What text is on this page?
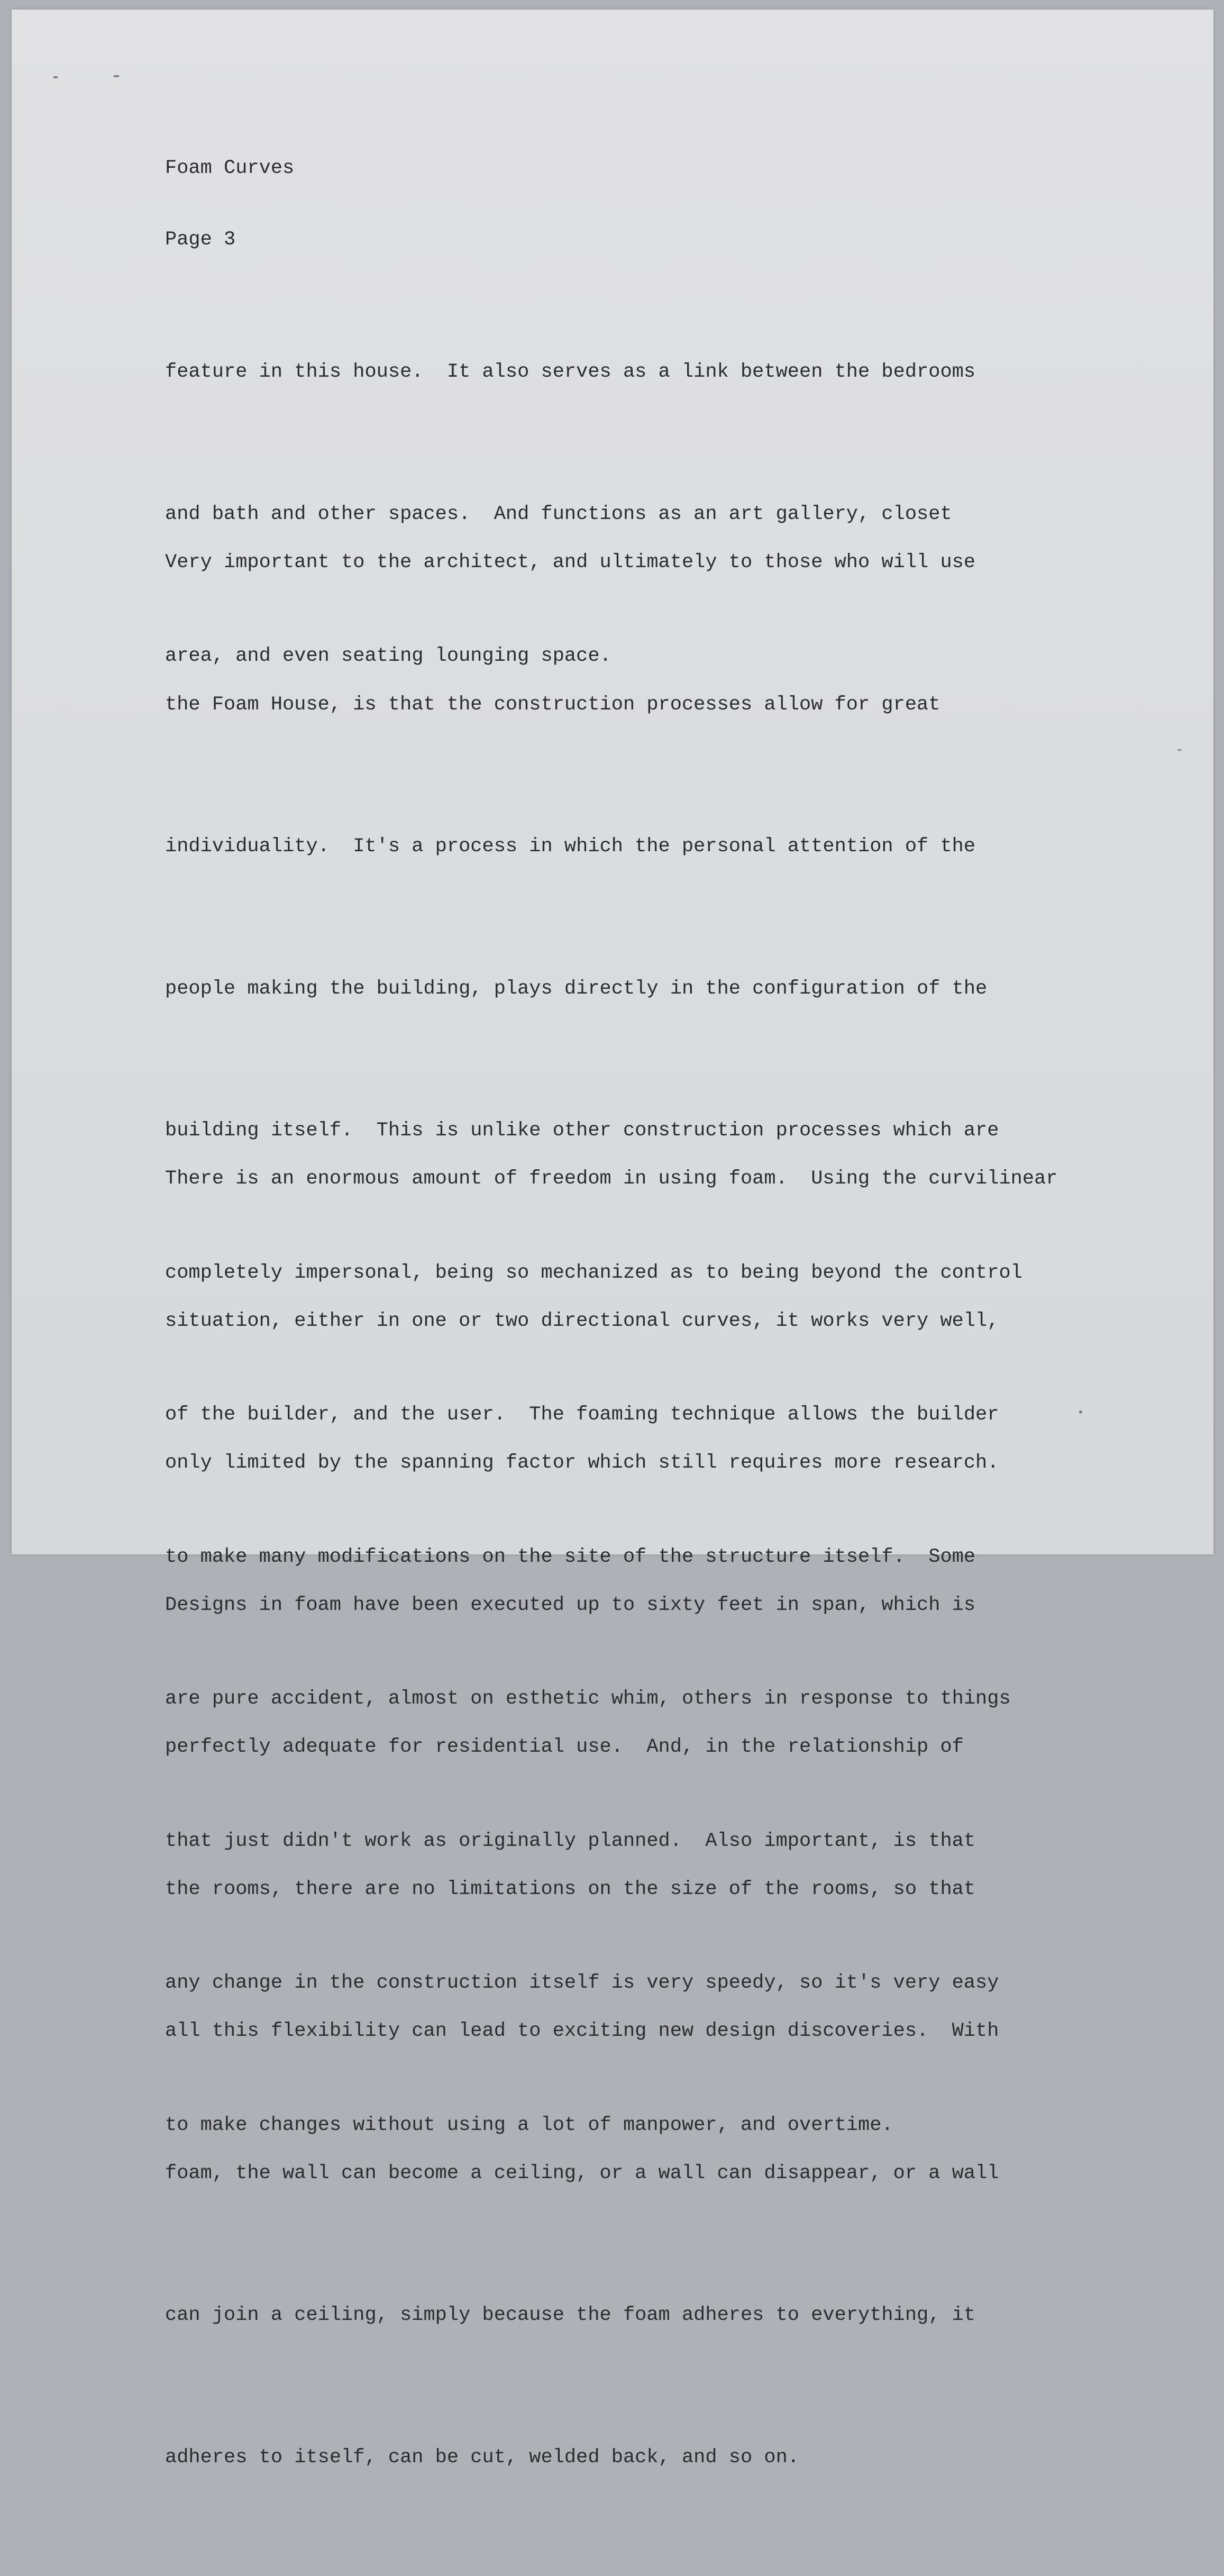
Foam Curves

Page 3

feature in this house.  It also serves as a link between the bedrooms

and bath and other spaces.  And functions as an art gallery, closet

area, and even seating lounging space.

Very important to the architect, and ultimately to those who will use

the Foam House, is that the construction processes allow for great

individuality.  It's a process in which the personal attention of the

people making the building, plays directly in the configuration of the

building itself.  This is unlike other construction processes which are

completely impersonal, being so mechanized as to being beyond the control

of the builder, and the user.  The foaming technique allows the builder

to make many modifications on the site of the structure itself.  Some

are pure accident, almost on esthetic whim, others in response to things

that just didn't work as originally planned.  Also important, is that

any change in the construction itself is very speedy, so it's very easy

to make changes without using a lot of manpower, and overtime.

There is an enormous amount of freedom in using foam.  Using the curvilinear

situation, either in one or two directional curves, it works very well,

only limited by the spanning factor which still requires more research.

Designs in foam have been executed up to sixty feet in span, which is

perfectly adequate for residential use.  And, in the relationship of

the rooms, there are no limitations on the size of the rooms, so that

all this flexibility can lead to exciting new design discoveries.  With

foam, the wall can become a ceiling, or a wall can disappear, or a wall

can join a ceiling, simply because the foam adheres to everything, it

adheres to itself, can be cut, welded back, and so on.
